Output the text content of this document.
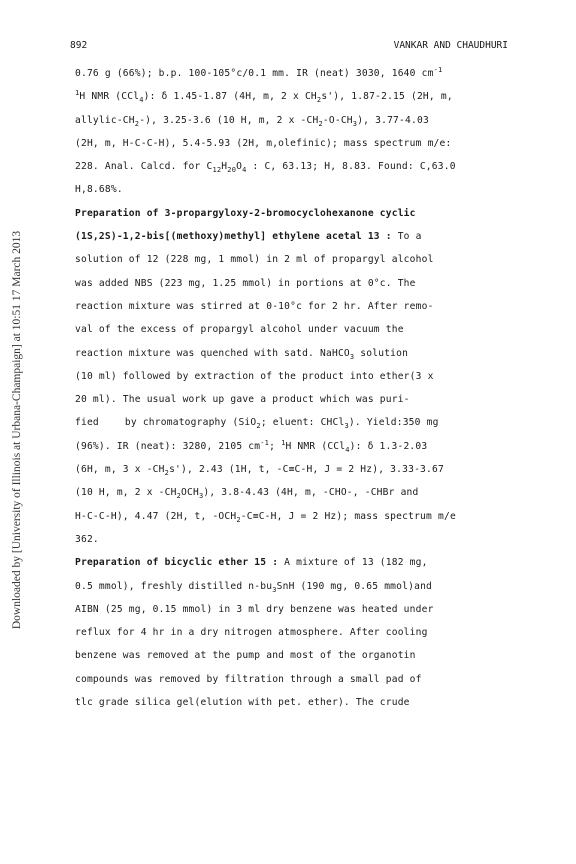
Downloaded by [University of Illinois at Urbana-Champaign] at 10:51 17 March 2013
892	VANKAR AND CHAUDHURI
0.76 g (66%); b.p. 100-105°c/0.1 mm. IR (neat) 3030, 1640 $cm^{-1}$
$^1$H NMR (CCl$_4$): δ 1.45-1.87 (4H, m, 2 x $CH_2s'$), 1.87-2.15 (2H, m,
allylic-$CH_2-$), 3.25-3.6 (10 H, m, 2 x $-CH_2-O-CH_3$), 3.77-4.03
(2H, m, H-C-C-H), 5.4-5.93 (2H, m,olefinic); mass spectrum m/e:
228. Anal. Calcd. for $C_{12}H_{20}O_4$ : C, 63.13; H, 8.83. Found: C,63.0
H,8.68%.
Preparation of 3-propargyloxy-2-bromocyclohexanone cyclic
(1S,2S)-1,2-bis[(methoxy)methyl] ethylene acetal 13 : To a
solution of 12 (228 mg, 1 mmol) in 2 ml of propargyl alcohol
was added NBS (223 mg, 1.25 mmol) in portions at 0°c. The
reaction mixture was stirred at 0-10°c for 2 hr. After remo-
val of the excess of propargyl alcohol under vacuum the
reaction mixture was quenched with satd. NaHCO$_3$ solution
(10 ml) followed by extraction of the product into ether(3 x
20 ml). The usual work up gave a product which was puri-
fied	by chromatography (SiO$_2$; eluent: CHCl$_3$). Yield:350 mg
(96%). IR (neat): 3280, 2105 $cm^{-1}$; $^1$H NMR (CCl$_4$): δ 1.3-2.03
(6H, m, 3 x $-CH_2s'$), 2.43 (1H, t, -C≡C-H, J = 2 Hz), 3.33-3.67
(10 H, m, 2 x $-CH_2OCH_3$), 3.8-4.43 (4H, m, -CHO-, -CHBr and
H-C-C-H), 4.47 (2H, t, $-OCH_2-C\equiv C-H$, J = 2 Hz); mass spectrum m/e
362.
Preparation of bicyclic ether 15 : A mixture of 13 (182 mg,
0.5 mmol), freshly distilled $n-bu_3SnH$ (190 mg, 0.65 mmol)and
AIBN (25 mg, 0.15 mmol) in 3 ml dry benzene was heated under
reflux for 4 hr in a dry nitrogen atmosphere. After cooling
benzene was removed at the pump and most of the organotin
compounds was removed by filtration through a small pad of
tlc grade silica gel(elution with pet. ether). The crude
